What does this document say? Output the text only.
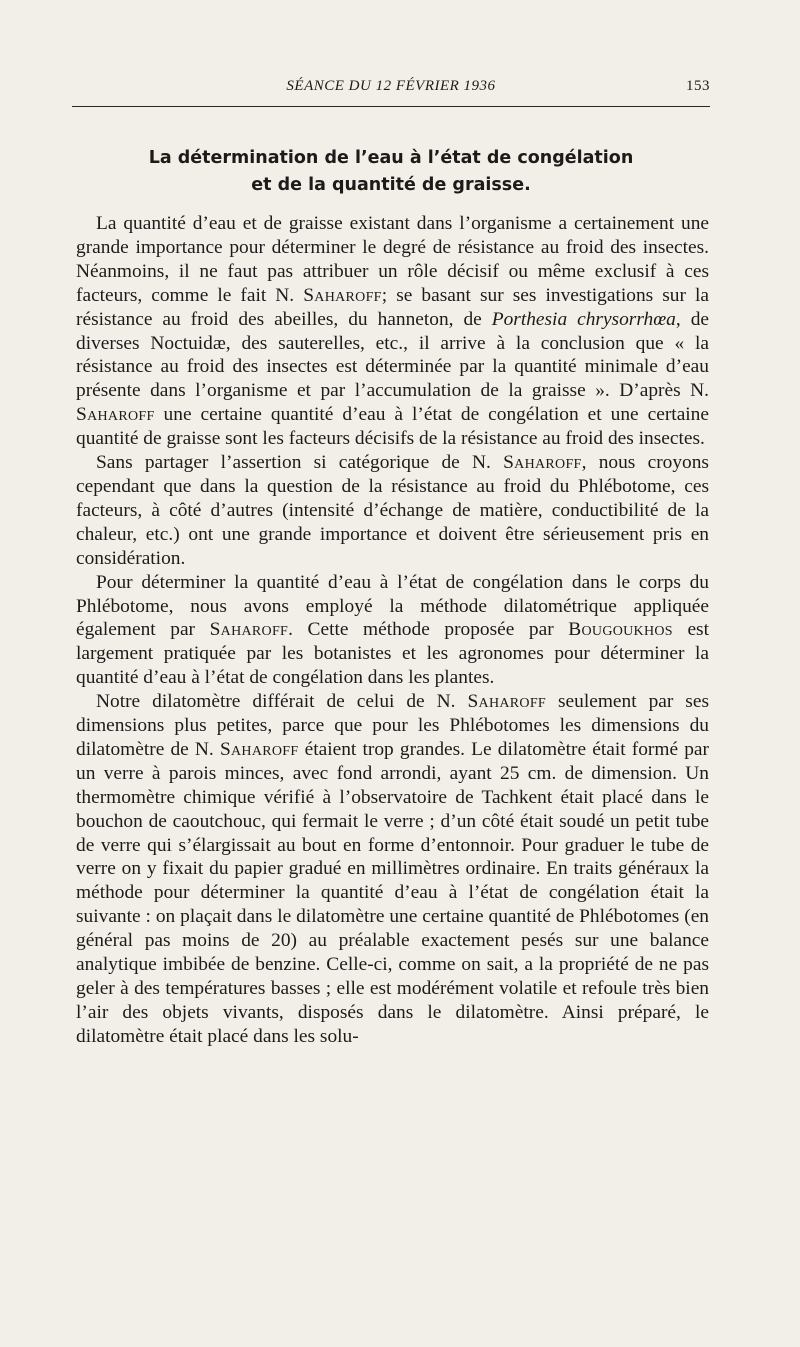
SÉANCE DU 12 FÉVRIER 1936	153
La détermination de l’eau à l’état de congélation
et de la quantité de graisse.

La quantité d’eau et de graisse existant dans l’organisme a certainement une grande importance pour déterminer le degré de résistance au froid des insectes. Néanmoins, il ne faut pas attribuer un rôle décisif ou même exclusif à ces facteurs, comme le fait N. Saharoff; se basant sur ses investigations sur la résistance au froid des abeilles, du hanneton, de Porthesia chrysorrhœa, de diverses Noctuidæ, des sauterelles, etc., il arrive à la conclusion que « la résistance au froid des insectes est déterminée par la quantité minimale d’eau présente dans l’organisme et par l’accumulation de la graisse ». D’après N. Saharoff une certaine quantité d’eau à l’état de congélation et une certaine quantité de graisse sont les facteurs décisifs de la résistance au froid des insectes.

Sans partager l’assertion si catégorique de N. Saharoff, nous croyons cependant que dans la question de la résistance au froid du Phlébotome, ces facteurs, à côté d’autres (intensité d’échange de matière, conductibilité de la chaleur, etc.) ont une grande importance et doivent être sérieusement pris en considération.

Pour déterminer la quantité d’eau à l’état de congélation dans le corps du Phlébotome, nous avons employé la méthode dilatométrique appliquée également par Saharoff. Cette méthode proposée par Bougoukhos est largement pratiquée par les botanistes et les agronomes pour déterminer la quantité d’eau à l’état de congélation dans les plantes.

Notre dilatomètre différait de celui de N. Saharoff seulement par ses dimensions plus petites, parce que pour les Phlébotomes les dimensions du dilatomètre de N. Saharoff étaient trop grandes. Le dilatomètre était formé par un verre à parois minces, avec fond arrondi, ayant 25 cm. de dimension. Un thermomètre chimique vérifié à l’observatoire de Tachkent était placé dans le bouchon de caoutchouc, qui fermait le verre ; d’un côté était soudé un petit tube de verre qui s’élargissait au bout en forme d’entonnoir. Pour graduer le tube de verre on y fixait du papier gradué en millimètres ordinaire. En traits généraux la méthode pour déterminer la quantité d’eau à l’état de congélation était la suivante : on plaçait dans le dilatomètre une certaine quantité de Phlébotomes (en général pas moins de 20) au préalable exactement pesés sur une balance analytique imbibée de benzine. Celle-ci, comme on sait, a la propriété de ne pas geler à des températures basses ; elle est modérément volatile et refoule très bien l’air des objets vivants, disposés dans le dilatomètre. Ainsi préparé, le dilatomètre était placé dans les solu-
